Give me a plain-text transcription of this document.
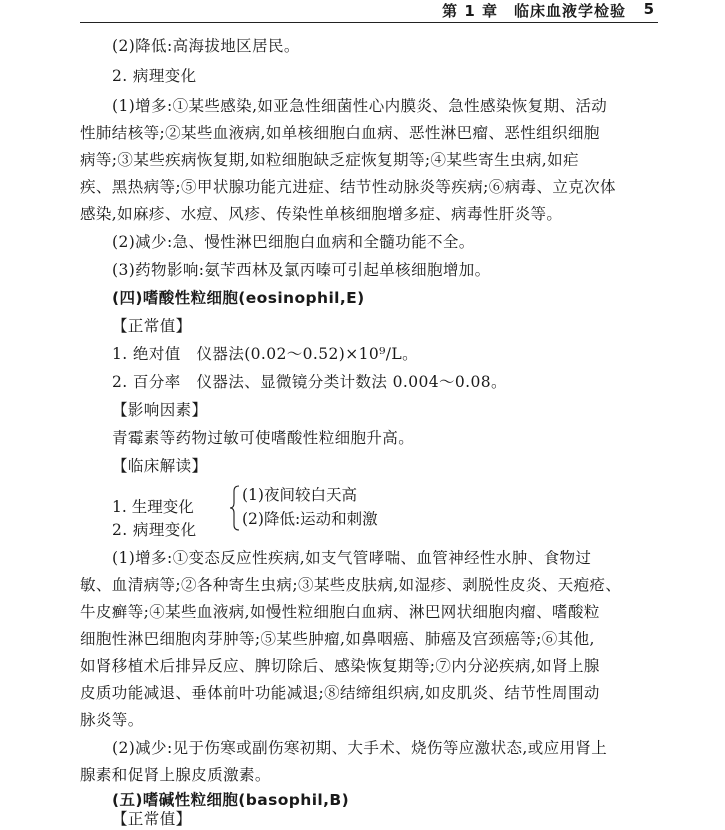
第 1 章　临床血液学检验 5
(2)降低:高海拔地区居民。
2. 病理变化
(1)增多:①某些感染,如亚急性细菌性心内膜炎、急性感染恢复期、活动
性肺结核等;②某些血液病,如单核细胞白血病、恶性淋巴瘤、恶性组织细胞
病等;③某些疾病恢复期,如粒细胞缺乏症恢复期等;④某些寄生虫病,如疟
疾、黑热病等;⑤甲状腺功能亢进症、结节性动脉炎等疾病;⑥病毒、立克次体
感染,如麻疹、水痘、风疹、传染性单核细胞增多症、病毒性肝炎等。
(2)减少:急、慢性淋巴细胞白血病和全髓功能不全。
(3)药物影响:氨苄西林及氯丙嗪可引起单核细胞增加。
(四)嗜酸性粒细胞(eosinophil,E)
【正常值】
1. 绝对值　仪器法(0.02～0.52)×10⁹/L。
2. 百分率　仪器法、显微镜分类计数法 0.004～0.08。
【影响因素】
青霉素等药物过敏可使嗜酸性粒细胞升高。
【临床解读】
1. 生理变化
(1)夜间较白天高
(2)降低:运动和刺激
2. 病理变化
(1)增多:①变态反应性疾病,如支气管哮喘、血管神经性水肿、食物过
敏、血清病等;②各种寄生虫病;③某些皮肤病,如湿疹、剥脱性皮炎、天疱疮、
牛皮癣等;④某些血液病,如慢性粒细胞白血病、淋巴网状细胞肉瘤、嗜酸粒
细胞性淋巴细胞肉芽肿等;⑤某些肿瘤,如鼻咽癌、肺癌及宫颈癌等;⑥其他,
如肾移植术后排异反应、脾切除后、感染恢复期等;⑦内分泌疾病,如肾上腺
皮质功能减退、垂体前叶功能减退;⑧结缔组织病,如皮肌炎、结节性周围动
脉炎等。
(2)减少:见于伤寒或副伤寒初期、大手术、烧伤等应激状态,或应用肾上
腺素和促肾上腺皮质激素。
(五)嗜碱性粒细胞(basophil,B)
【正常值】
